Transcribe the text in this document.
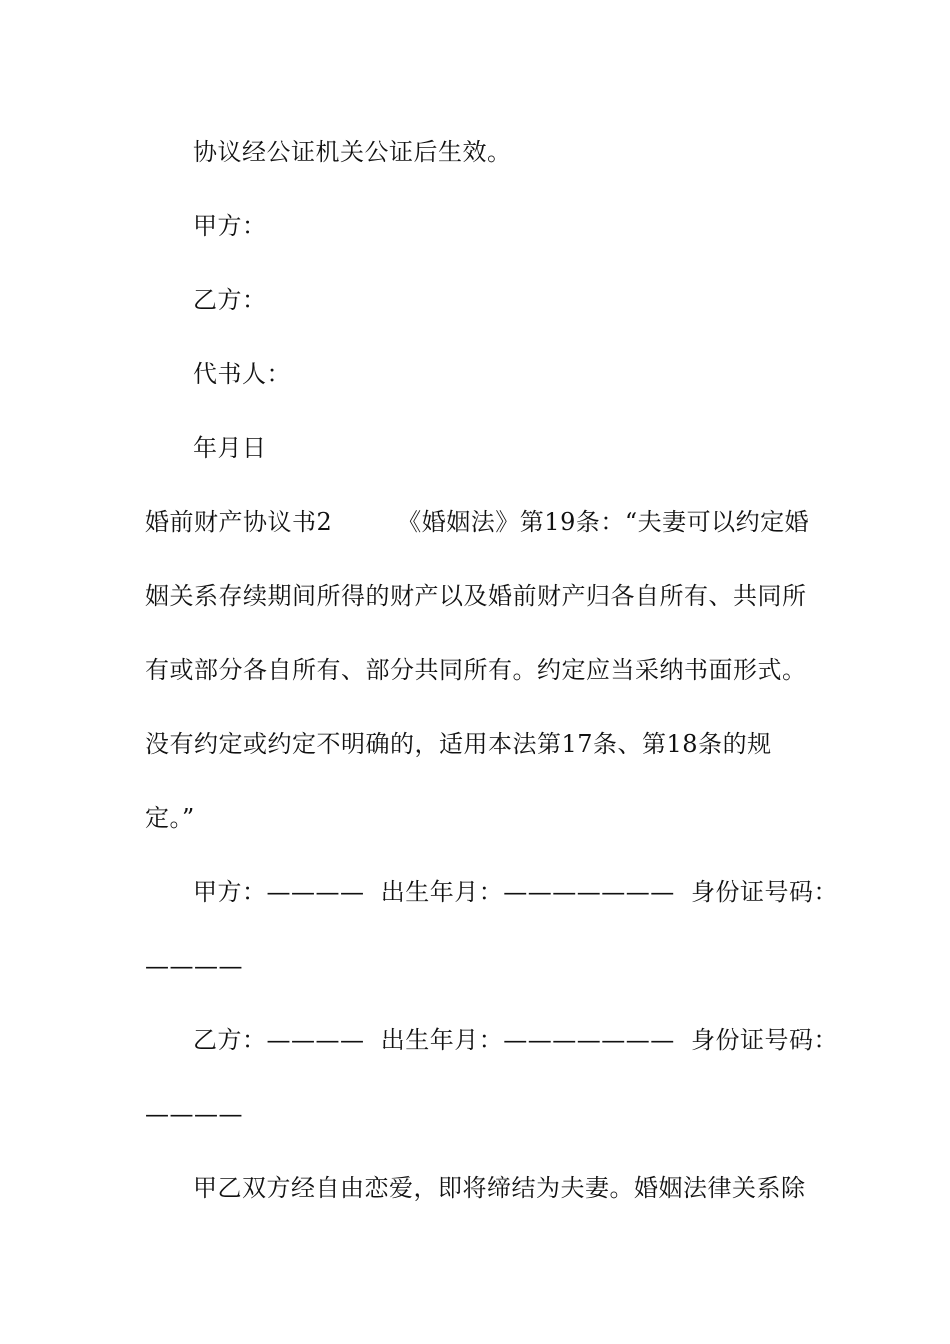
协议经公证机关公证后生效。
甲方：
乙方：
代书人：
年月日
婚前财产协议书2        《婚姻法》第19条：“夫妻可以约定婚
姻关系存续期间所得的财产以及婚前财产归各自所有、共同所
有或部分各自所有、部分共同所有。约定应当采纳书面形式。
没有约定或约定不明确的，适用本法第17条、第18条的规
定。”
甲方：————  出生年月：———————  身份证号码：
————
乙方：————  出生年月：———————  身份证号码：
————
甲乙双方经自由恋爱，即将缔结为夫妻。婚姻法律关系除
